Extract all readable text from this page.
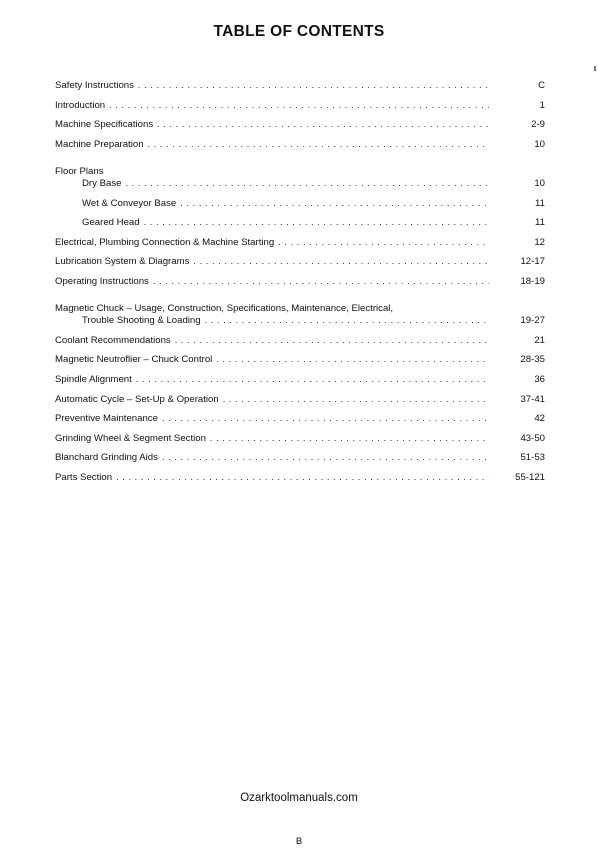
TABLE OF CONTENTS
Safety Instructions . . .	C
Introduction . . .	1
Machine Specifications . . .	2-9
Machine Preparation . . .	10
Floor Plans
Dry Base . . .	10
Wet & Conveyor Base . . .	11
Geared Head . . .	11
Electrical, Plumbing Connection & Machine Starting . . .	12
Lubrication System & Diagrams . . .	12-17
Operating Instructions . . .	18-19
Magnetic Chuck – Usage, Construction, Specifications, Maintenance, Electrical,
Trouble Shooting & Loading . . .	19-27
Coolant Recommendations . . .	21
Magnetic Neutroflier – Chuck Control . . .	28-35
Spindle Alignment . . .	36
Automatic Cycle – Set-Up & Operation . . .	37-41
Preventive Maintenance . . .	42
Grinding Wheel & Segment Section . . .	43-50
Blanchard Grinding Aids . . .	51-53
Parts Section . . .	55-121
Ozarktoolmanuals.com
B
